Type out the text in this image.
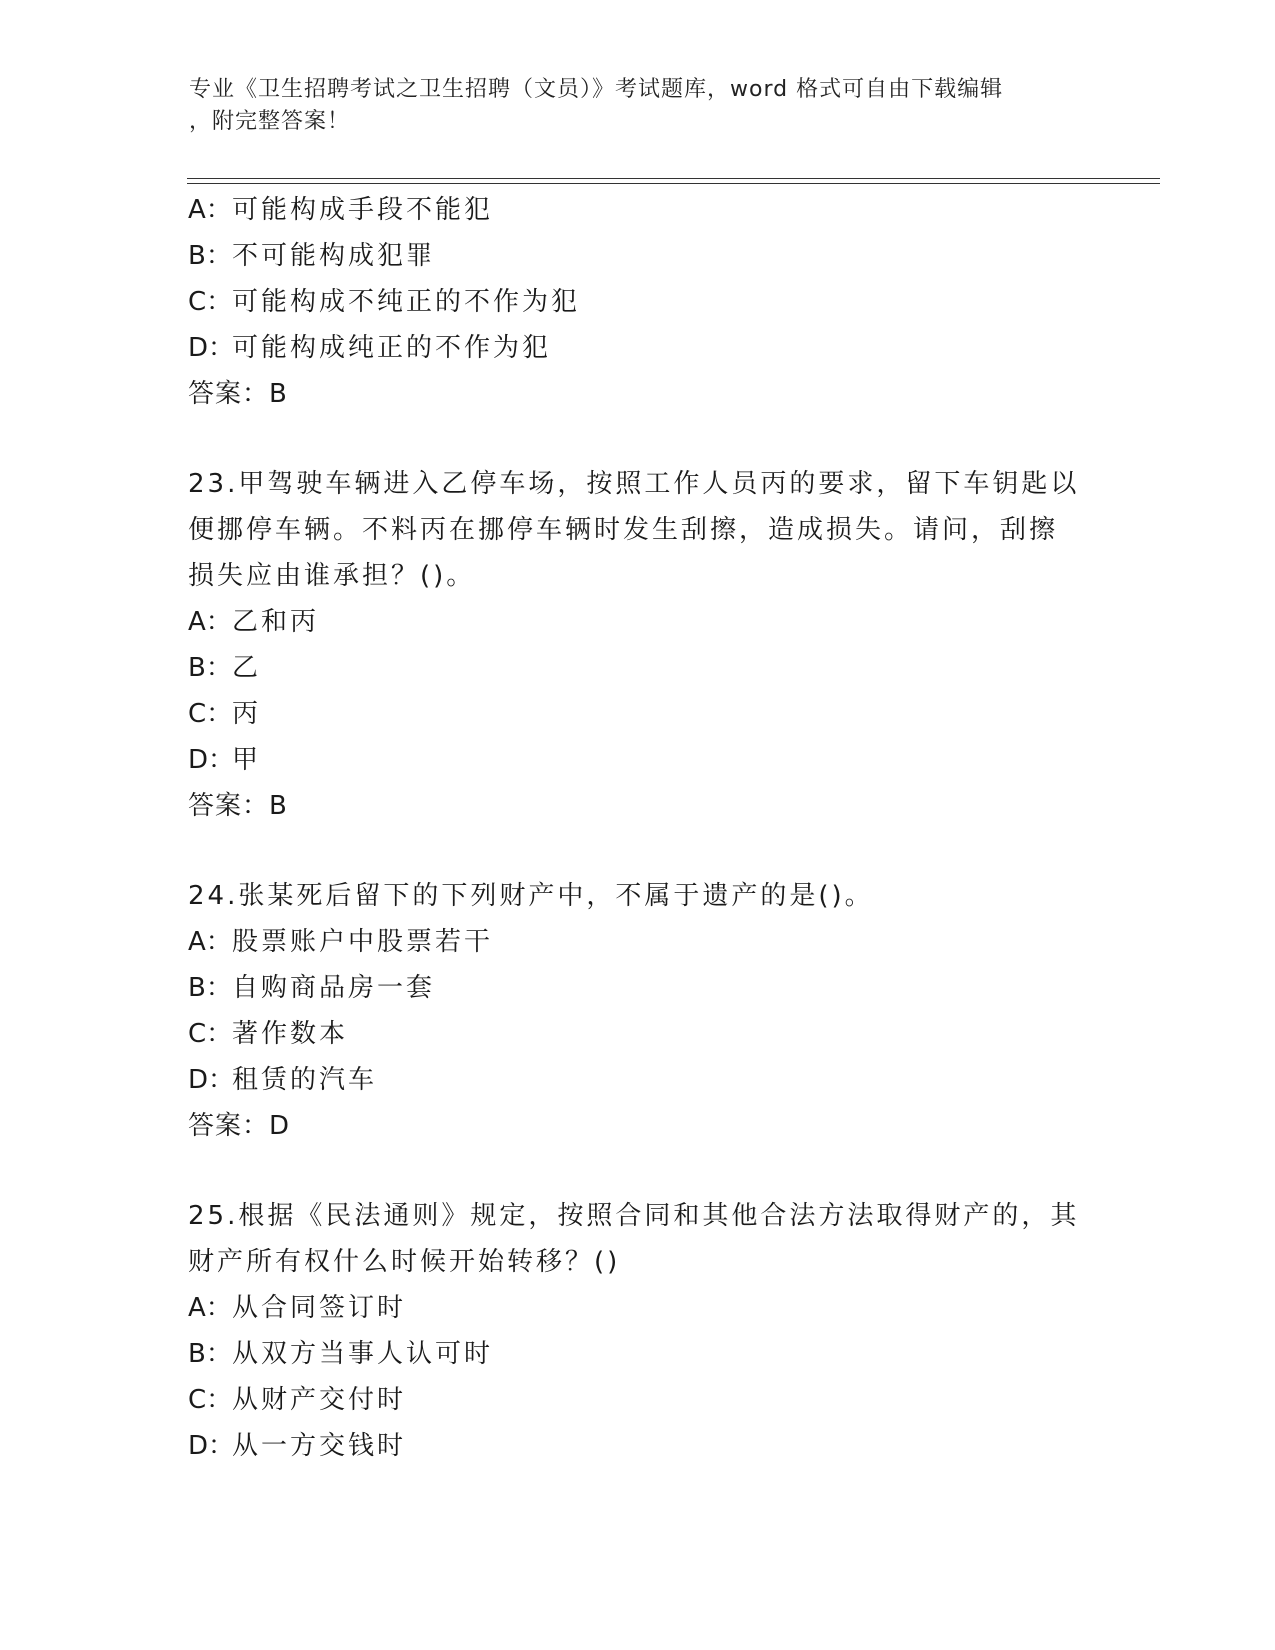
专业《卫生招聘考试之卫生招聘（文员）》考试题库，word 格式可自由下载编辑
，附完整答案！
A：可能构成手段不能犯
B：不可能构成犯罪
C：可能构成不纯正的不作为犯
D：可能构成纯正的不作为犯
答案：B
23.甲驾驶车辆进入乙停车场，按照工作人员丙的要求，留下车钥匙以
便挪停车辆。不料丙在挪停车辆时发生刮擦，造成损失。请问，刮擦
损失应由谁承担？()。
A：乙和丙
B：乙
C：丙
D：甲
答案：B
24.张某死后留下的下列财产中，不属于遗产的是()。
A：股票账户中股票若干
B：自购商品房一套
C：著作数本
D：租赁的汽车
答案：D
25.根据《民法通则》规定，按照合同和其他合法方法取得财产的，其
财产所有权什么时候开始转移？()
A：从合同签订时
B：从双方当事人认可时
C：从财产交付时
D：从一方交钱时
